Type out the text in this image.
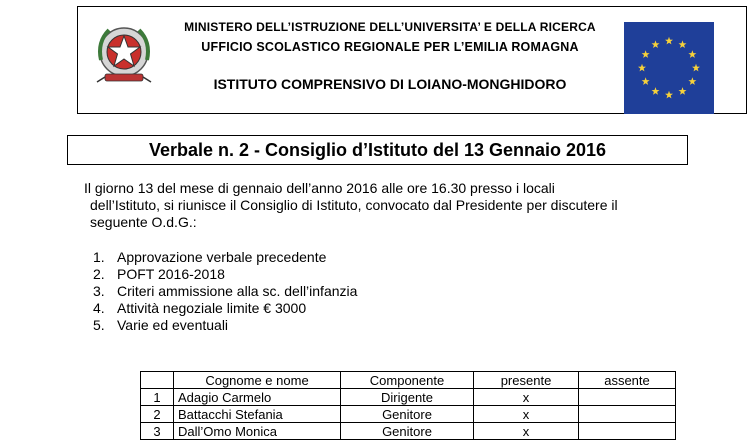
MINISTERO DELL’ISTRUZIONE DELL’UNIVERSITA’ E DELLA RICERCA
UFFICIO SCOLASTICO REGIONALE PER L’EMILIA ROMAGNA
ISTITUTO COMPRENSIVO DI LOIANO-MONGHIDORO
Verbale n. 2 - Consiglio d’Istituto del 13 Gennaio 2016
Il giorno 13 del mese di gennaio dell’anno 2016 alle ore 16.30 presso i locali
dell’Istituto, si riunisce il Consiglio di Istituto, convocato dal Presidente per discutere il
seguente O.d.G.:
1. Approvazione verbale precedente
2. POFT 2016-2018
3. Criteri ammissione alla sc. dell’infanzia
4. Attività negoziale limite € 3000
5. Varie ed eventuali
	Cognome e nome	Componente	presente	assente
1	Adagio Carmelo	Dirigente	x	
2	Battacchi Stefania	Genitore	x	
3	Dall’Omo Monica	Genitore	x	
